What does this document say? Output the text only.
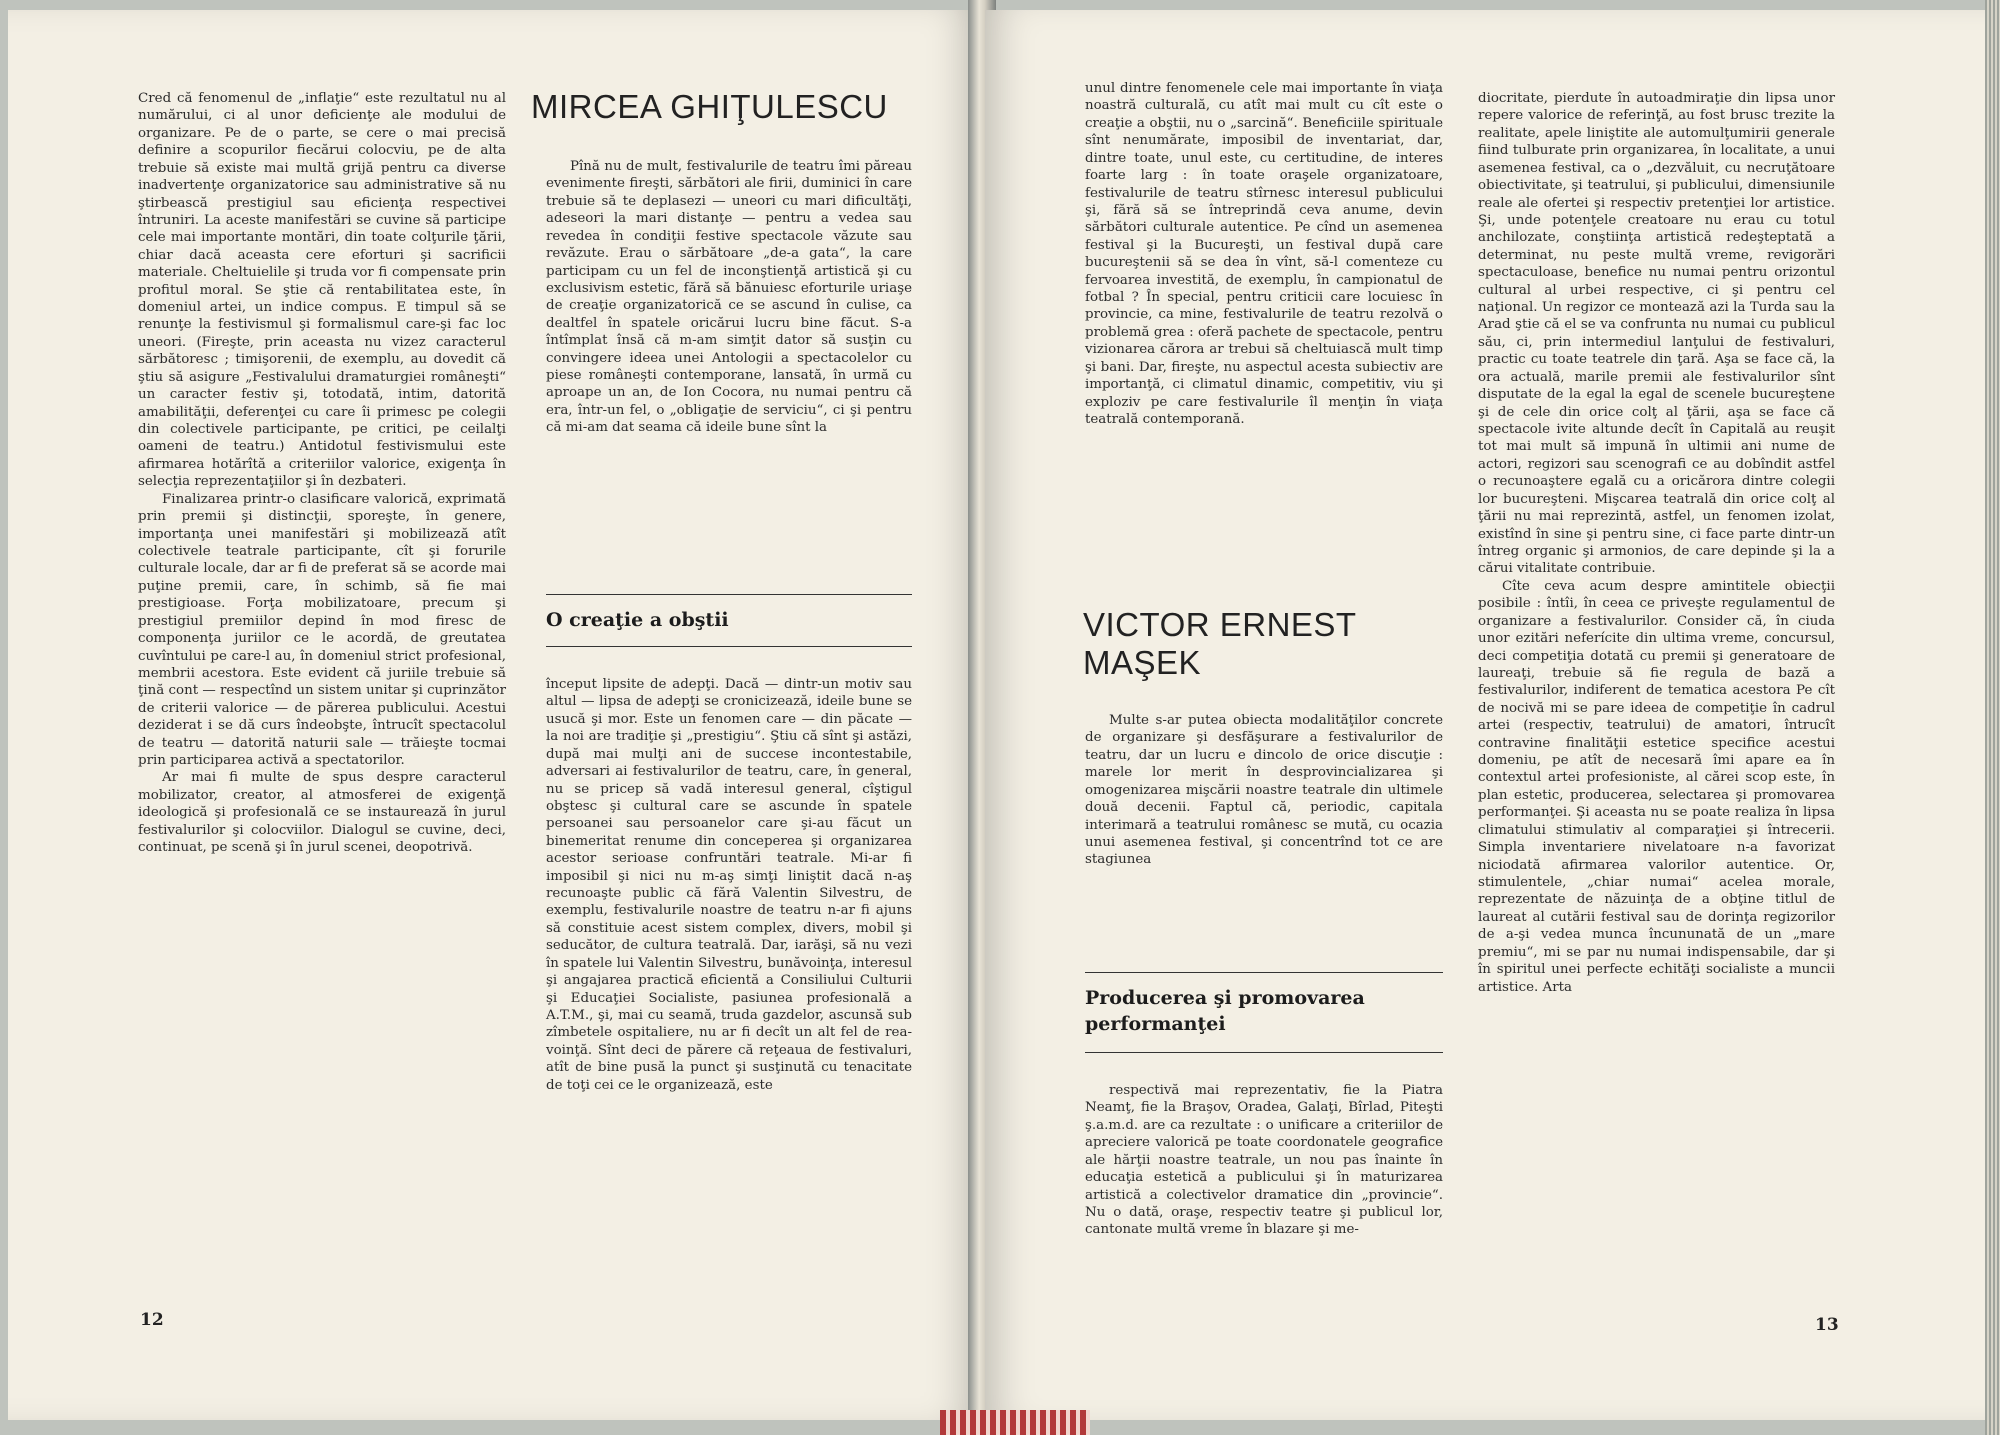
Cred că fenomenul de „inflaţie“ este rezultatul nu al numărului, ci al unor deficienţe ale modului de organizare. Pe de o parte, se cere o mai precisă definire a scopurilor fiecărui colocviu, pe de alta trebuie să existe mai multă grijă pentru ca diverse inadvertenţe organizatorice sau administrative să nu ştirbească prestigiul sau eficienţa respectivei întruniri. La aceste manifestări se cuvine să participe cele mai importante montări, din toate colţurile ţării, chiar dacă aceasta cere eforturi şi sacrificii materiale. Cheltuielile şi truda vor fi compensate prin profitul moral. Se ştie că rentabilitatea este, în domeniul artei, un indice compus. E timpul să se renunţe la festivismul şi formalismul care-şi fac loc uneori. (Fireşte, prin aceasta nu vizez caracterul sărbătoresc ; timişorenii, de exemplu, au dovedit că ştiu să asigure „Festivalului dramaturgiei româneşti“ un caracter festiv şi, totodată, intim, datorită amabilităţii, deferenţei cu care îi primesc pe colegii din colectivele participante, pe critici, pe ceilalţi oameni de teatru.) Antidotul festivismului este afirmarea hotărîtă a criteriilor valorice, exigenţa în selecţia reprezentaţiilor şi în dezbateri.

Finalizarea printr-o clasificare valorică, exprimată prin premii şi distincţii, sporeşte, în genere, importanţa unei manifestări şi mobilizează atît colectivele teatrale participante, cît şi forurile culturale locale, dar ar fi de preferat să se acorde mai puţine premii, care, în schimb, să fie mai prestigioase. Forţa mobilizatoare, precum şi prestigiul premiilor depind în mod firesc de componenţa juriilor ce le acordă, de greutatea cuvîntului pe care-l au, în domeniul strict profesional, membrii acestora. Este evident că juriile trebuie să ţină cont — respectînd un sistem unitar şi cuprinzător de criterii valorice — de părerea publicului. Acestui deziderat i se dă curs îndeobşte, întrucît spectacolul de teatru — datorită naturii sale — trăieşte tocmai prin participarea activă a spectatorilor.

Ar mai fi multe de spus despre caracterul mobilizator, creator, al atmosferei de exigenţă ideologică şi profesională ce se instaurează în jurul festivalurilor şi colocviilor. Dialogul se cuvine, deci, continuat, pe scenă şi în jurul scenei, deopotrivă.

MIRCEA GHIŢULESCU

Pînă nu de mult, festivalurile de teatru îmi păreau evenimente fireşti, sărbători ale firii, duminici în care trebuie să te deplasezi — uneori cu mari dificultăţi, adeseori la mari distanţe — pentru a vedea sau revedea în condiţii festive spectacole văzute sau revăzute. Erau o sărbătoare „de-a gata“, la care participam cu un fel de inconştienţă artistică şi cu exclusivism estetic, fără să bănuiesc eforturile uriaşe de creaţie organizatorică ce se ascund în culise, ca dealtfel în spatele oricărui lucru bine făcut. S-a întîmplat însă că m-am simţit dator să susţin cu convingere ideea unei Antologii a spectacolelor cu piese româneşti contemporane, lansată, în urmă cu aproape un an, de Ion Cocora, nu numai pentru că era, într-un fel, o „obligaţie de serviciu“, ci şi pentru că mi-am dat seama că ideile bune sînt la

O creaţie a obştii

început lipsite de adepţi. Dacă — dintr-un motiv sau altul — lipsa de adepţi se cronicizează, ideile bune se usucă şi mor. Este un fenomen care — din păcate — la noi are tradiţie şi „prestigiu“. Ştiu că sînt şi astăzi, după mai mulţi ani de succese incontestabile, adversari ai festivalurilor de teatru, care, în general, nu se pricep să vadă interesul general, cîştigul obştesc şi cultural care se ascunde în spatele persoanei sau persoanelor care şi-au făcut un binemeritat renume din conceperea şi organizarea acestor serioase confruntări teatrale. Mi-ar fi imposibil şi nici nu m-aş simţi liniştit dacă n-aş recunoaşte public că fără Valentin Silvestru, de exemplu, festivalurile noastre de teatru n-ar fi ajuns să constituie acest sistem complex, divers, mobil şi seducător, de cultura teatrală. Dar, iarăşi, să nu vezi în spatele lui Valentin Silvestru, bunăvoinţa, interesul şi angajarea practică eficientă a Consiliului Culturii şi Educaţiei Socialiste, pasiunea profesională a A.T.M., şi, mai cu seamă, truda gazdelor, ascunsă sub zîmbetele ospitaliere, nu ar fi decît un alt fel de rea-voinţă. Sînt deci de părere că reţeaua de festivaluri, atît de bine pusă la punct şi susţinută cu tenacitate de toţi cei ce le organizează, este

12

unul dintre fenomenele cele mai importante în viaţa noastră culturală, cu atît mai mult cu cît este o creaţie a obştii, nu o „sarcină“. Beneficiile spirituale sînt nenumărate, imposibil de inventariat, dar, dintre toate, unul este, cu certitudine, de interes foarte larg : în toate oraşele organizatoare, festivalurile de teatru stîrnesc interesul publicului şi, fără să se întreprindă ceva anume, devin sărbători culturale autentice. Pe cînd un asemenea festival şi la Bucureşti, un festival după care bucureştenii să se dea în vînt, să-l comenteze cu fervoarea investită, de exemplu, în campionatul de fotbal ? În special, pentru criticii care locuiesc în provincie, ca mine, festivalurile de teatru rezolvă o problemă grea : oferă pachete de spectacole, pentru vizionarea cărora ar trebui să cheltuiască mult timp şi bani. Dar, fireşte, nu aspectul acesta subiectiv are importanţă, ci climatul dinamic, competitiv, viu şi exploziv pe care festivalurile îl menţin în viaţa teatrală contemporană.

VICTOR ERNEST MAŞEK

Multe s-ar putea obiecta modalităţilor concrete de organizare şi desfăşurare a festivalurilor de teatru, dar un lucru e dincolo de orice discuţie : marele lor merit în desprovincializarea şi omogenizarea mişcării noastre teatrale din ultimele două decenii. Faptul că, periodic, capitala interimară a teatrului românesc se mută, cu ocazia unui asemenea festival, şi concentrînd tot ce are stagiunea

Producerea şi promovarea performanţei

respectivă mai reprezentativ, fie la Piatra Neamţ, fie la Braşov, Oradea, Galaţi, Bîrlad, Piteşti ş.a.m.d. are ca rezultate : o unificare a criteriilor de apreciere valorică pe toate coordonatele geografice ale hărţii noastre teatrale, un nou pas înainte în educaţia estetică a publicului şi în maturizarea artistică a colectivelor dramatice din „provincie“. Nu o dată, oraşe, respectiv teatre şi publicul lor, cantonate multă vreme în blazare şi me-

diocritate, pierdute în autoadmiraţie din lipsa unor repere valorice de referinţă, au fost brusc trezite la realitate, apele liniştite ale automulţumirii generale fiind tulburate prin organizarea, în localitate, a unui asemenea festival, ca o „dezvăluit, cu necruţătoare obiectivitate, şi teatrului, şi publicului, dimensiunile reale ale ofertei şi respectiv pretenţiei lor artistice. Şi, unde potenţele creatoare nu erau cu totul anchilozate, conştiinţa artistică redeşteptată a determinat, nu peste multă vreme, revigorări spectaculoase, benefice nu numai pentru orizontul cultural al urbei respective, ci şi pentru cel naţional. Un regizor ce montează azi la Turda sau la Arad ştie că el se va confrunta nu numai cu publicul său, ci, prin intermediul lanţului de festivaluri, practic cu toate teatrele din ţară. Aşa se face că, la ora actuală, marile premii ale festivalurilor sînt disputate de la egal la egal de scenele bucureştene şi de cele din orice colţ al ţării, aşa se face că spectacole ivite altunde decît în Capitală au reuşit tot mai mult să impună în ultimii ani nume de actori, regizori sau scenografi ce au dobîndit astfel o recunoaştere egală cu a oricărora dintre colegii lor bucureşteni. Mişcarea teatrală din orice colţ al ţării nu mai reprezintă, astfel, un fenomen izolat, existînd în sine şi pentru sine, ci face parte dintr-un întreg organic şi armonios, de care depinde şi la a cărui vitalitate contribuie.

Cîte ceva acum despre amintitele obiecţii posibile : întîi, în ceea ce priveşte regulamentul de organizare a festivalurilor. Consider că, în ciuda unor ezitări neferícite din ultima vreme, concursul, deci competiţia dotată cu premii şi generatoare de laureaţi, trebuie să fie regula de bază a festivalurilor, indiferent de tematica acestora Pe cît de nocivă mi se pare ideea de competiţie în cadrul artei (respectiv, teatrului) de amatori, întrucît contravine finalităţii estetice specifice acestui domeniu, pe atît de necesară îmi apare ea în contextul artei profesioniste, al cărei scop este, în plan estetic, producerea, selectarea şi promovarea performanţei. Şi aceasta nu se poate realiza în lipsa climatului stimulativ al comparaţiei şi întrecerii. Simpla inventariere nivelatoare n-a favorizat niciodată afirmarea valorilor autentice. Or, stimulentele, „chiar numai“ acelea morale, reprezentate de năzuinţa de a obţine titlul de laureat al cutării festival sau de dorinţa regizorilor de a-şi vedea munca încununată de un „mare premiu“, mi se par nu numai indispensabile, dar şi în spiritul unei perfecte echităţi socialiste a muncii artistice. Arta

13
